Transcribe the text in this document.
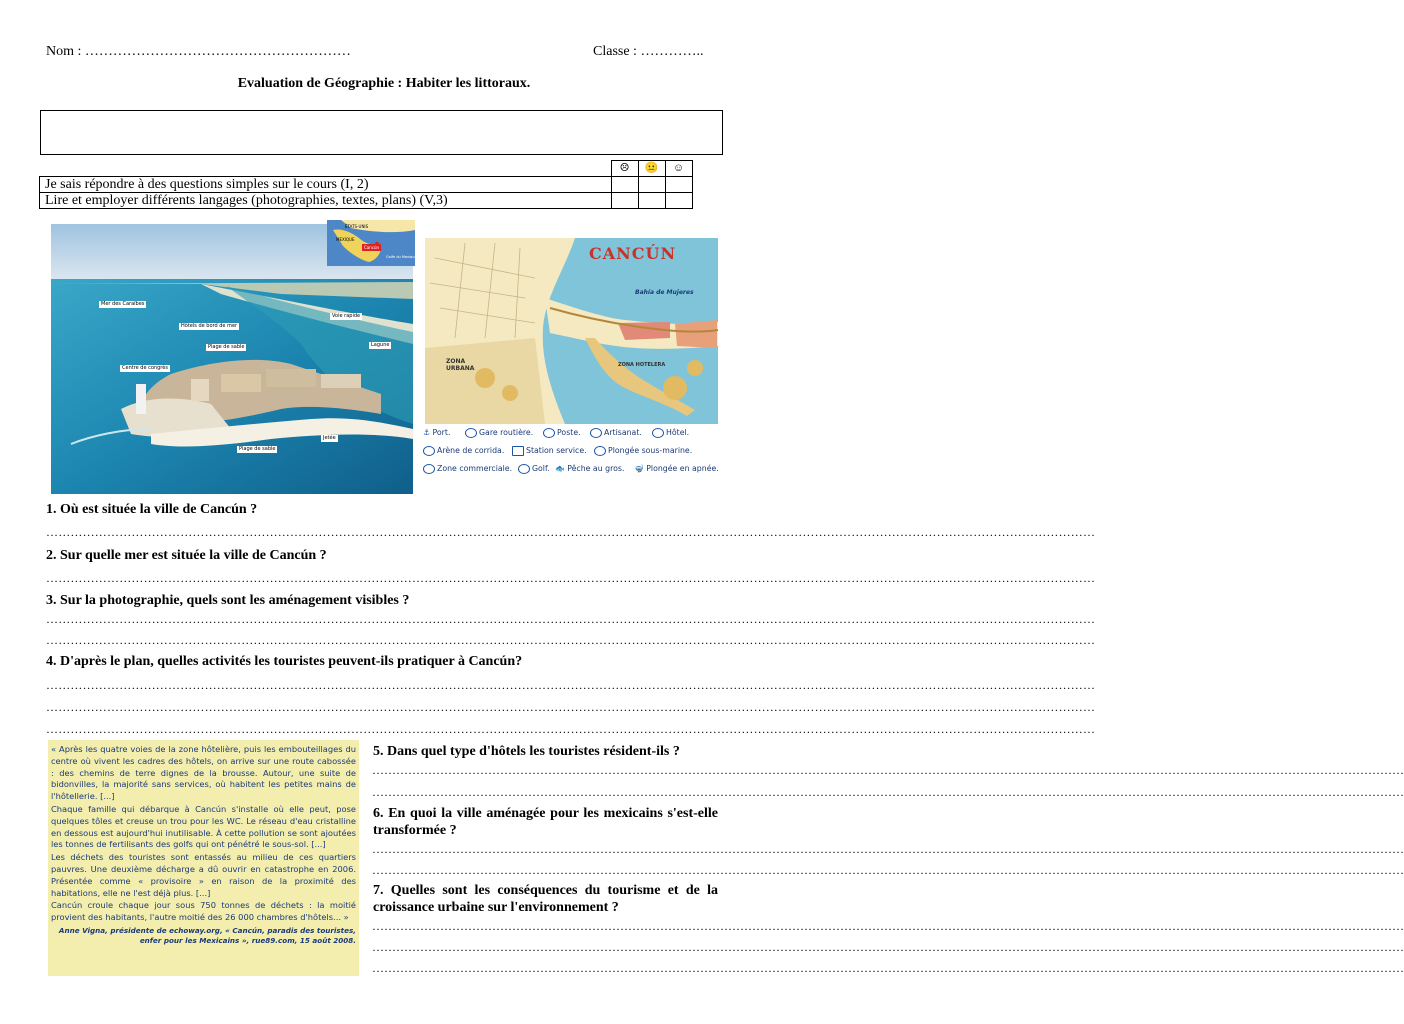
Nom : …………………………………………………	Classe : …………..
Evaluation de Géographie : Habiter les littoraux.
	☹	😐	☺
Je sais répondre à des questions simples sur le cours (I, 2)			
Lire et employer différents langages (photographies, textes, plans) (V,3)			
Mer des Caraïbes
Hôtels de bord de mer
Plage de sable
Voie rapide
Lagune
Centre de congrès
Jetée
Plage de sable
ÉTATS-UNIS
MEXIQUE
Cancún
Golfe du Mexique	CANCÚN
Bahía de Mujeres
ZONA URBANA	ZONA HOTELERA
⚓ Port.	Gare routière.	Poste.	Artisanat.	Hôtel.
Arène de corrida.	Station service.	Plongée sous-marine.
Zone commerciale.	Golf. 🐟 Pêche au gros. 🤿 Plongée en apnée.
1. Où est située la ville de Cancún ?
……………………………………………………………………………………………………………………………………………………………………………………………………………………………………
2. Sur quelle mer est située la ville de Cancún ?
……………………………………………………………………………………………………………………………………………………………………………………………………………………………………
3. Sur la photographie, quels sont les aménagement visibles ?
……………………………………………………………………………………………………………………………………………………………………………………………………………………………………
……………………………………………………………………………………………………………………………………………………………………………………………………………………………………
4. D'après le plan, quelles activités les touristes peuvent-ils pratiquer à Cancún?
……………………………………………………………………………………………………………………………………………………………………………………………………………………………………
……………………………………………………………………………………………………………………………………………………………………………………………………………………………………
……………………………………………………………………………………………………………………………………………………………………………………………………………………………………

« Après les quatre voies de la zone hôtelière, puis les embouteillages du centre où vivent les cadres des hôtels, on arrive sur une route cabossée : des chemins de terre dignes de la brousse. Autour, une suite de bidonvilles, la majorité sans services, où habitent les petites mains de l'hôtellerie. [...]

Chaque famille qui débarque à Cancún s'installe où elle peut, pose quelques tôles et creuse un trou pour les WC. Le réseau d'eau cristalline en dessous est aujourd'hui inutilisable. À cette pollution se sont ajoutées les tonnes de fertilisants des golfs qui ont pénétré le sous-sol. [...]

Les déchets des touristes sont entassés au milieu de ces quartiers pauvres. Une deuxième décharge a dû ouvrir en catastrophe en 2006. Présentée comme « provisoire » en raison de la proximité des habitations, elle ne l'est déjà plus. [...]

Cancún croule chaque jour sous 750 tonnes de déchets : la moitié provient des habitants, l'autre moitié des 26 000 chambres d'hôtels... »

Anne Vigna, présidente de echoway.org, « Cancún, paradis des touristes, enfer pour les Mexicains », rue89.com, 15 août 2008.
5. Dans quel type d'hôtels les touristes résident-ils ?
……………………………………………………………………………………………………………………………………………………………………………………………………………………………………
……………………………………………………………………………………………………………………………………………………………………………………………………………………………………
6. En quoi la ville aménagée pour les mexicains s'est-elle transformée ?
……………………………………………………………………………………………………………………………………………………………………………………………………………………………………
……………………………………………………………………………………………………………………………………………………………………………………………………………………………………
7. Quelles sont les conséquences du tourisme et de la croissance urbaine sur l'environnement ?
……………………………………………………………………………………………………………………………………………………………………………………………………………………………………
……………………………………………………………………………………………………………………………………………………………………………………………………………………………………
……………………………………………………………………………………………………………………………………………………………………………………………………………………………………
